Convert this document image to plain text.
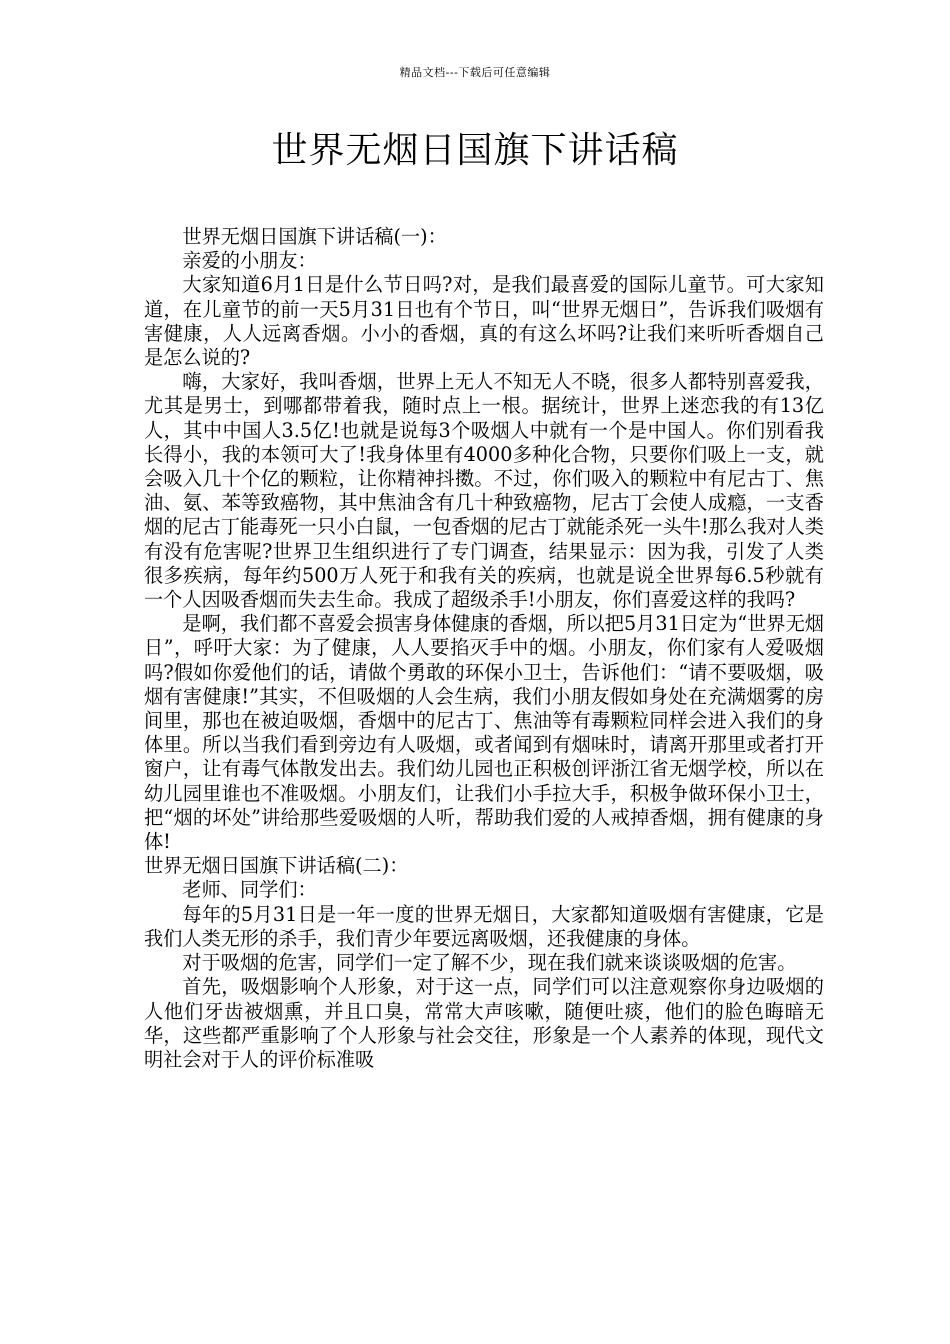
精品文档---下载后可任意编辑
世界无烟日国旗下讲话稿

世界无烟日国旗下讲话稿(一)：

亲爱的小朋友：

大家知道6月1日是什么节日吗?对，是我们最喜爱的国际儿童节。可大家知道，在儿童节的前一天5月31日也有个节日，叫“世界无烟日”，告诉我们吸烟有害健康，人人远离香烟。小小的香烟，真的有这么坏吗?让我们来听听香烟自己是怎么说的?

嗨，大家好，我叫香烟，世界上无人不知无人不晓，很多人都特别喜爱我，尤其是男士，到哪都带着我，随时点上一根。据统计，世界上迷恋我的有13亿人，其中中国人3.5亿!也就是说每3个吸烟人中就有一个是中国人。你们别看我长得小，我的本领可大了!我身体里有4000多种化合物，只要你们吸上一支，就会吸入几十个亿的颗粒，让你精神抖擞。不过，你们吸入的颗粒中有尼古丁、焦油、氨、苯等致癌物，其中焦油含有几十种致癌物，尼古丁会使人成瘾，一支香烟的尼古丁能毒死一只小白鼠，一包香烟的尼古丁就能杀死一头牛!那么我对人类有没有危害呢?世界卫生组织进行了专门调查，结果显示：因为我，引发了人类很多疾病，每年约500万人死于和我有关的疾病，也就是说全世界每6.5秒就有一个人因吸香烟而失去生命。我成了超级杀手!小朋友，你们喜爱这样的我吗?

是啊，我们都不喜爱会损害身体健康的香烟，所以把5月31日定为“世界无烟日”，呼吁大家：为了健康，人人要掐灭手中的烟。小朋友，你们家有人爱吸烟吗?假如你爱他们的话，请做个勇敢的环保小卫士，告诉他们：“请不要吸烟，吸烟有害健康!”其实，不但吸烟的人会生病，我们小朋友假如身处在充满烟雾的房间里，那也在被迫吸烟，香烟中的尼古丁、焦油等有毒颗粒同样会进入我们的身体里。所以当我们看到旁边有人吸烟，或者闻到有烟味时，请离开那里或者打开窗户，让有毒气体散发出去。我们幼儿园也正积极创评浙江省无烟学校，所以在幼儿园里谁也不准吸烟。小朋友们，让我们小手拉大手，积极争做环保小卫士，把“烟的坏处”讲给那些爱吸烟的人听，帮助我们爱的人戒掉香烟，拥有健康的身体!

世界无烟日国旗下讲话稿(二)：

老师、同学们：

每年的5月31日是一年一度的世界无烟日，大家都知道吸烟有害健康，它是我们人类无形的杀手，我们青少年要远离吸烟，还我健康的身体。

对于吸烟的危害，同学们一定了解不少，现在我们就来谈谈吸烟的危害。

首先，吸烟影响个人形象，对于这一点，同学们可以注意观察你身边吸烟的人他们牙齿被烟熏，并且口臭，常常大声咳嗽，随便吐痰，他们的脸色晦暗无华，这些都严重影响了个人形象与社会交往，形象是一个人素养的体现，现代文明社会对于人的评价标准吸
